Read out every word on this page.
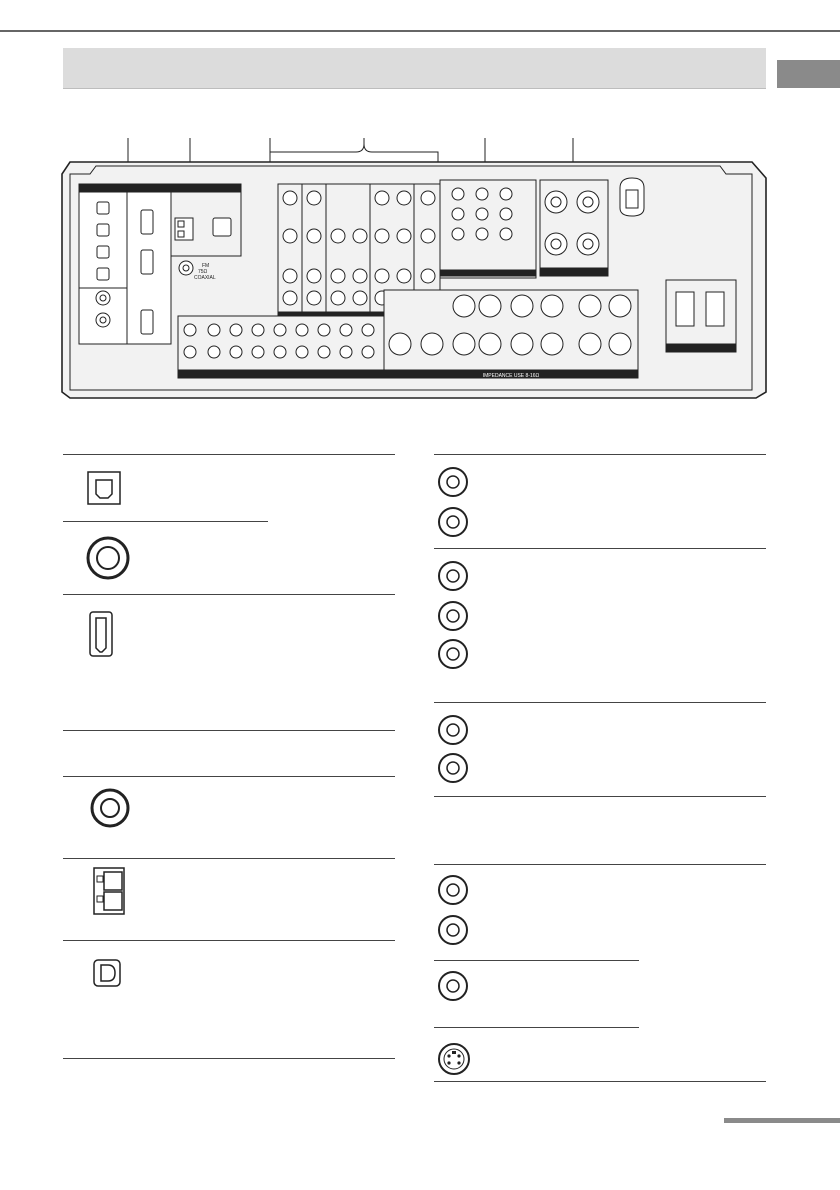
FM
75Ω
COAXIAL
IMPEDANCE USE 8-16Ω
